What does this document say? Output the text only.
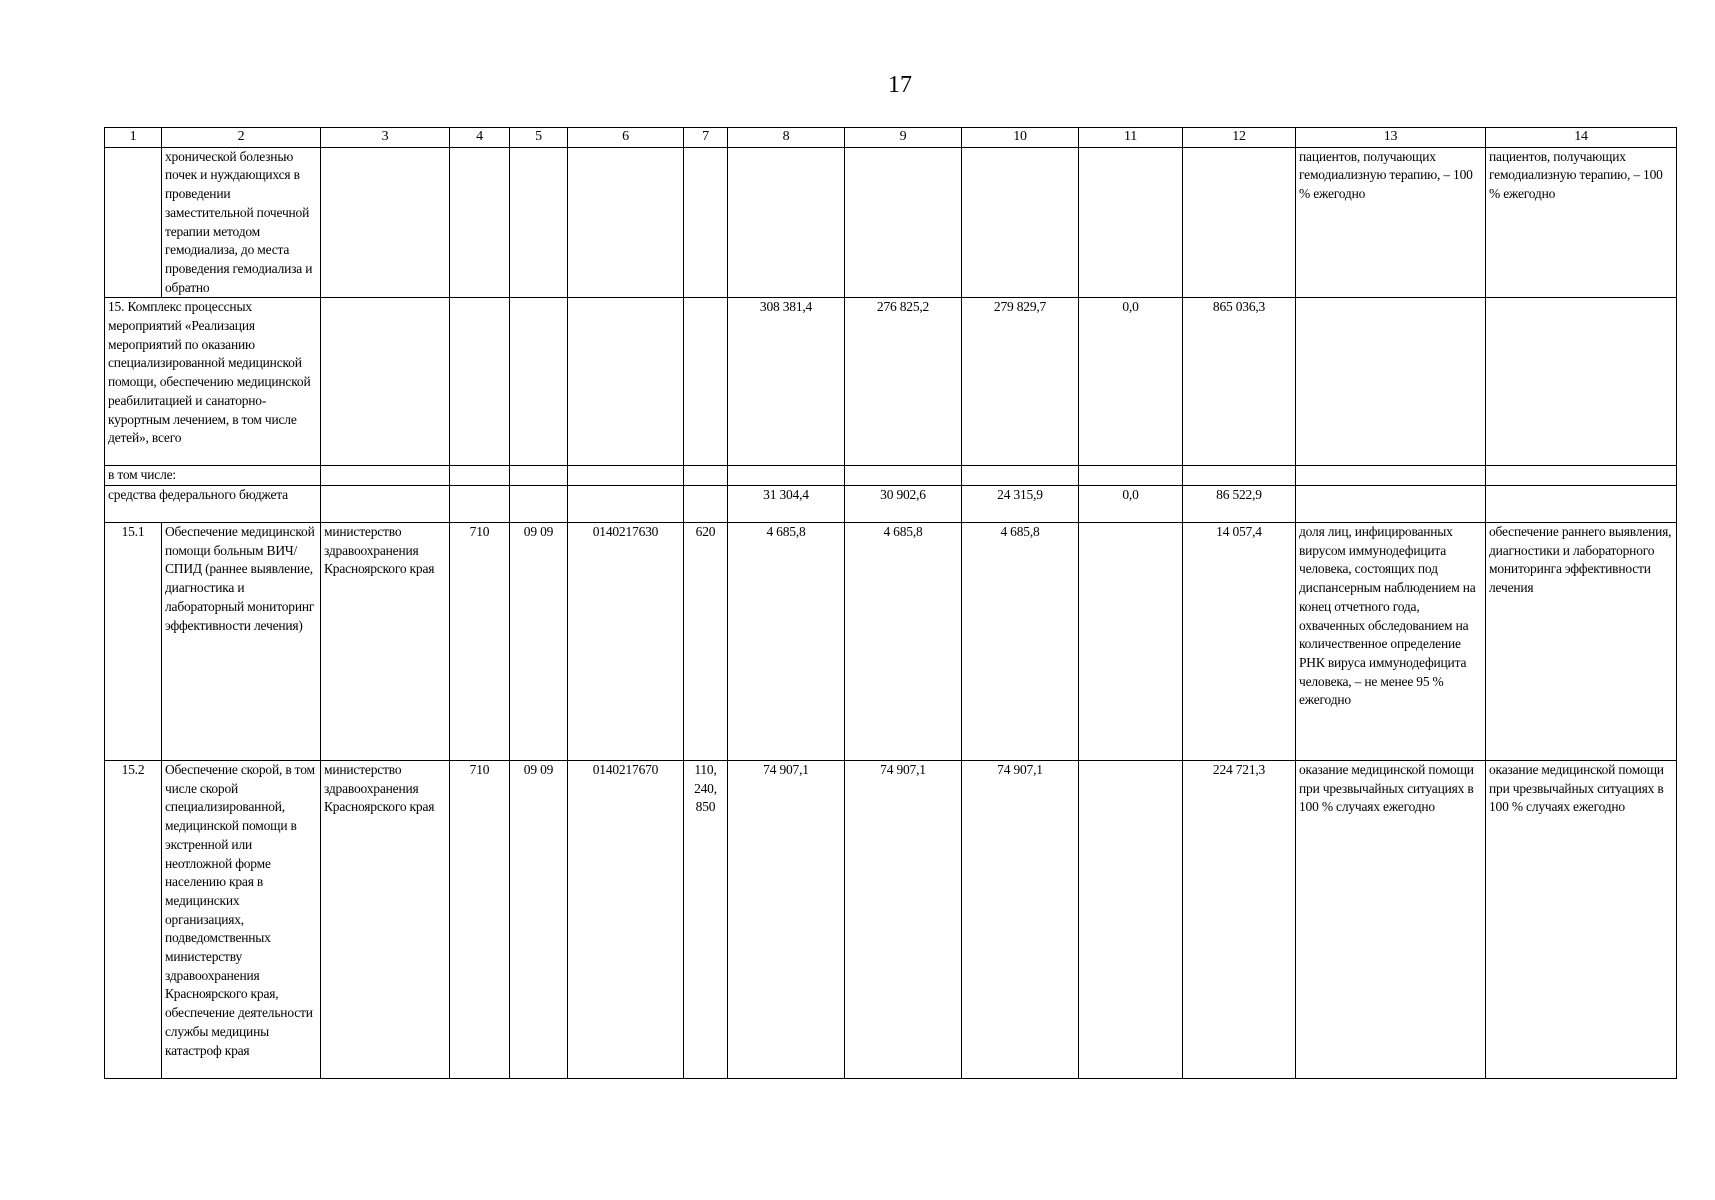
17
1	2	3	4	5	6	7	8	9	10	11	12	13	14
	хронической болезнью почек и нуждающихся в проведении заместительной почечной терапии методом гемодиализа, до места проведения гемодиализа и обратно											пациентов, получающих гемодиализную терапию, – 100 % ежегодно	пациентов, получающих гемодиализную терапию, – 100 % ежегодно
15. Комплекс процессных мероприятий «Реализация мероприятий по оказанию специализированной медицинской помощи, обеспечению медицинской реабилитацией и санаторно-курортным лечением, в том числе детей», всего							308 381,4	276 825,2	279 829,7	0,0	865 036,3		
в том числе:													
средства федерального бюджета							31 304,4	30 902,6	24 315,9	0,0	86 522,9		
15.1	Обеспечение медицинской помощи больным ВИЧ/СПИД (раннее выявление, диагностика и лабораторный мониторинг эффективности лечения)	министерство здравоохранения Красноярского края	710	09 09	0140217630	620	4 685,8	4 685,8	4 685,8		14 057,4	доля лиц, инфицированных вирусом иммунодефицита человека, состоящих под диспансерным наблюдением на конец отчетного года, охваченных обследованием на количественное определение РНК вируса иммунодефицита человека, – не менее 95 % ежегодно	обеспечение раннего выявления, диагностики и лабораторного мониторинга эффективности лечения
15.2	Обеспечение скорой, в том числе скорой специализированной, медицинской помощи в экстренной или неотложной форме населению края в медицинских организациях, подведомственных министерству здравоохранения Красноярского края, обеспечение деятельности службы медицины катастроф края	министерство здравоохранения Красноярского края	710	09 09	0140217670	110, 240, 850	74 907,1	74 907,1	74 907,1		224 721,3	оказание медицинской помощи при чрезвычайных ситуациях в 100 % случаях ежегодно	оказание медицинской помощи при чрезвычайных ситуациях в 100 % случаях ежегодно
